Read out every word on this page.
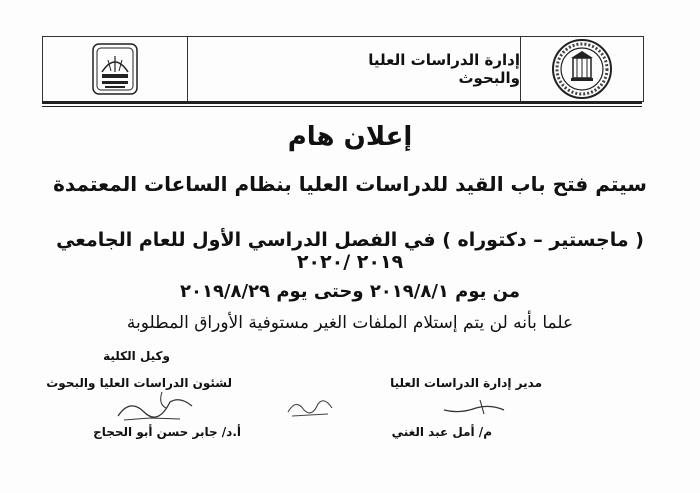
إدارة الدراسات العليا والبحوث
إعلان هام
سيتم فتح باب القيد للدراسات العليا بنظام الساعات المعتمدة
( ماجستير – دكتوراه ) في الفصل الدراسي الأول للعام الجامعي ٢٠١٩ /٢٠٢٠
من يوم ٢٠١٩/٨/١ وحتى يوم ٢٠١٩/٨/٢٩
علما بأنه لن يتم إستلام الملفات الغير مستوفية الأوراق المطلوبة
وكيل الكلية
لشئون الدراسات العليا والبحوث
أ.د/ جابر حسن أبو الحجاج
مدير إدارة الدراسات العليا
م/ أمل عبد الغني
